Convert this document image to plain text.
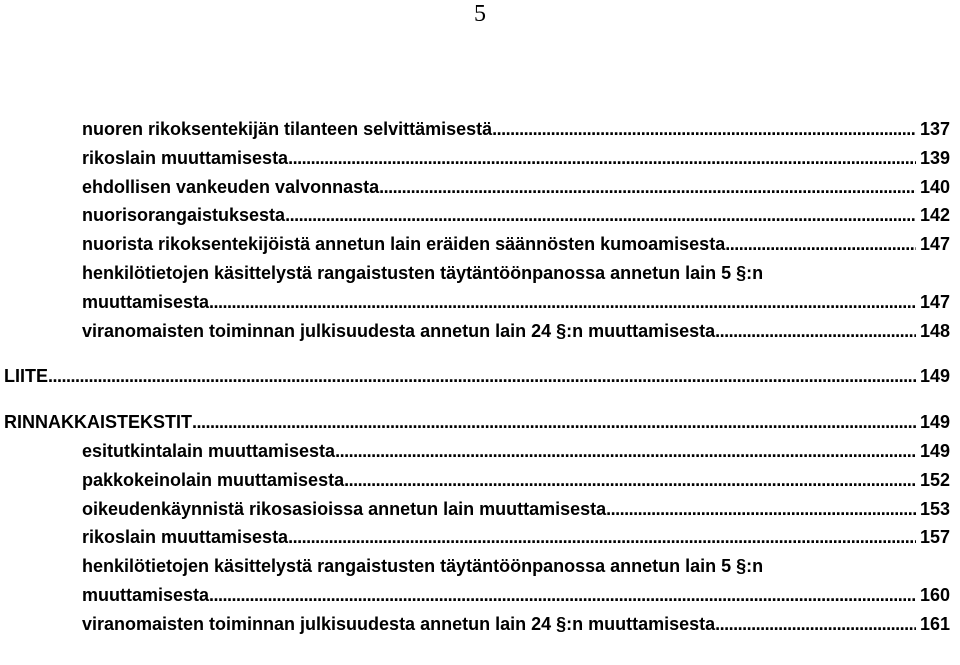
5
nuoren rikoksentekijän tilanteen selvittämisestä .....	137
rikoslain muuttamisesta .....	139
ehdollisen vankeuden valvonnasta .....	140
nuorisorangaistuksesta .....	142
nuorista rikoksentekijöistä annetun lain eräiden säännösten kumoamisesta .....	147
henkilötietojen käsittelystä rangaistusten täytäntöönpanossa annetun lain 5 §:n
muuttamisesta .....	147
viranomaisten toiminnan julkisuudesta annetun lain 24 §:n muuttamisesta .....	148
LIITE .....	149
RINNAKKAISTEKSTIT .....	149
esitutkintalain muuttamisesta .....	149
pakkokeinolain muuttamisesta .....	152
oikeudenkäynnistä rikosasioissa annetun lain muuttamisesta .....	153
rikoslain muuttamisesta .....	157
henkilötietojen käsittelystä rangaistusten täytäntöönpanossa annetun lain 5 §:n
muuttamisesta .....	160
viranomaisten toiminnan julkisuudesta annetun lain 24 §:n muuttamisesta .....	161
